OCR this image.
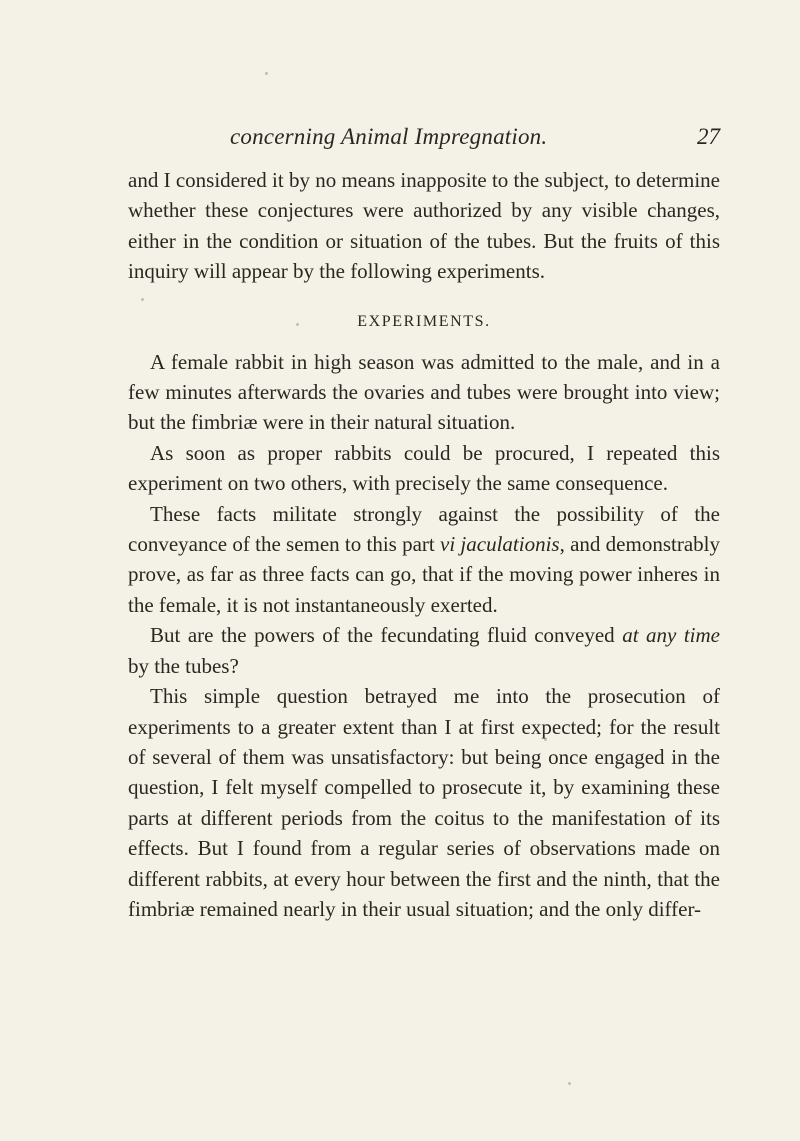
concerning Animal Impregnation.	27

and I considered it by no means inapposite to the subject, to determine whether these conjectures were authorized by any visible changes, either in the condition or situation of the tubes. But the fruits of this inquiry will appear by the following experiments.

EXPERIMENTS.

A female rabbit in high season was admitted to the male, and in a few minutes afterwards the ovaries and tubes were brought into view; but the fimbriæ were in their natural situation.

As soon as proper rabbits could be procured, I repeated this experiment on two others, with precisely the same consequence.

These facts militate strongly against the possibility of the conveyance of the semen to this part vi jaculationis, and demonstrably prove, as far as three facts can go, that if the moving power inheres in the female, it is not instantaneously exerted.

But are the powers of the fecundating fluid conveyed at any time by the tubes?

This simple question betrayed me into the prosecution of experiments to a greater extent than I at first expected; for the result of several of them was unsatisfactory: but being once engaged in the question, I felt myself compelled to prosecute it, by examining these parts at different periods from the coitus to the manifestation of its effects. But I found from a regular series of observations made on different rabbits, at every hour between the first and the ninth, that the fimbriæ remained nearly in their usual situation; and the only differ-
